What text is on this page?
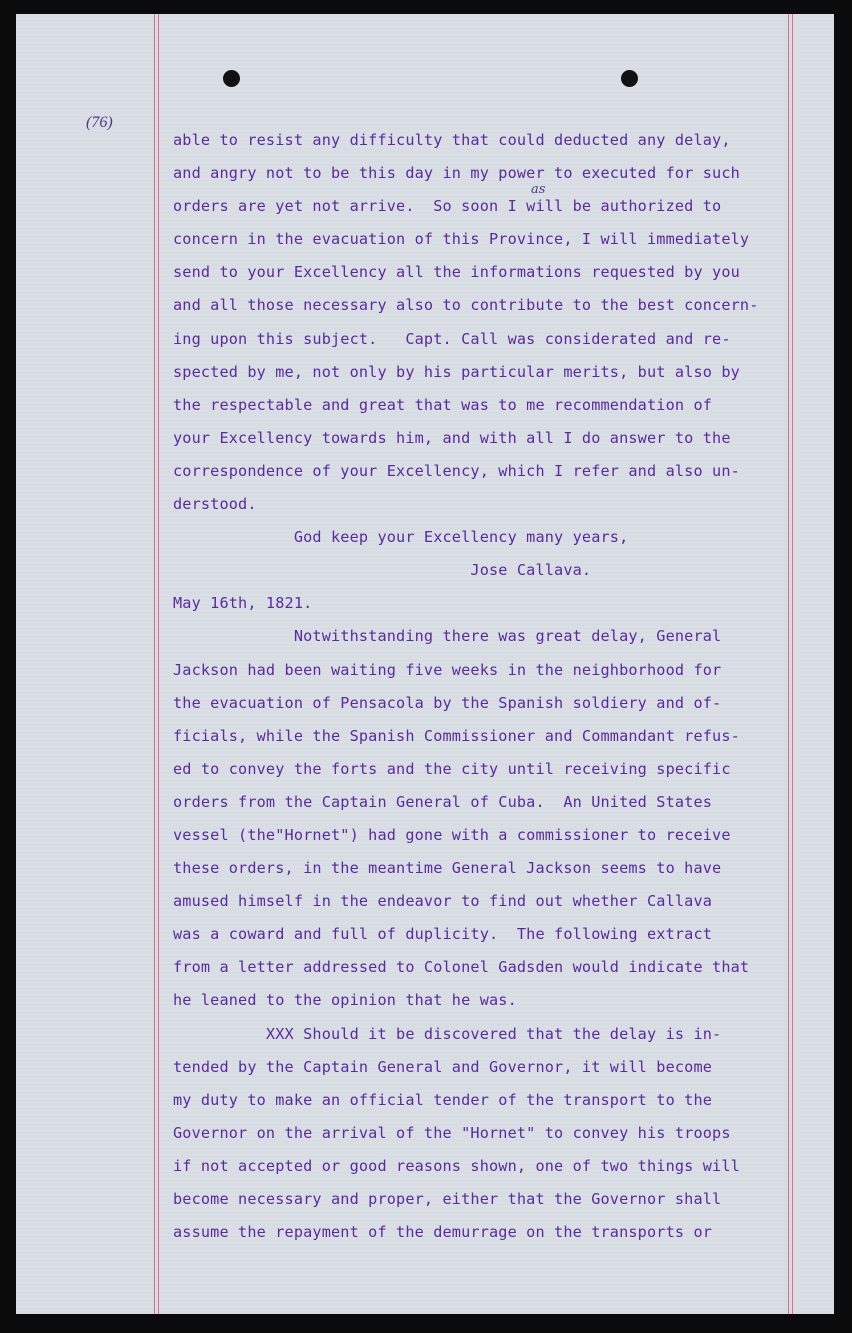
(76)
as
able to resist any difficulty that could deducted any delay,
and angry not to be this day in my power to executed for such
orders are yet not arrive.  So soon I will be authorized to
concern in the evacuation of this Province, I will immediately
send to your Excellency all the informations requested by you
and all those necessary also to contribute to the best concern-
ing upon this subject.   Capt. Call was considerated and re-
spected by me, not only by his particular merits, but also by
the respectable and great that was to me recommendation of
your Excellency towards him, and with all I do answer to the
correspondence of your Excellency, which I refer and also un-
derstood.
God keep your Excellency many years,
Jose Callava.
May 16th, 1821.
Notwithstanding there was great delay, General
Jackson had been waiting five weeks in the neighborhood for
the evacuation of Pensacola by the Spanish soldiery and of-
ficials, while the Spanish Commissioner and Commandant refus-
ed to convey the forts and the city until receiving specific
orders from the Captain General of Cuba.  An United States
vessel (the"Hornet") had gone with a commissioner to receive
these orders, in the meantime General Jackson seems to have
amused himself in the endeavor to find out whether Callava
was a coward and full of duplicity.  The following extract
from a letter addressed to Colonel Gadsden would indicate that
he leaned to the opinion that he was.
XXX Should it be discovered that the delay is in-
tended by the Captain General and Governor, it will become
my duty to make an official tender of the transport to the
Governor on the arrival of the "Hornet" to convey his troops
if not accepted or good reasons shown, one of two things will
become necessary and proper, either that the Governor shall
assume the repayment of the demurrage on the transports or
